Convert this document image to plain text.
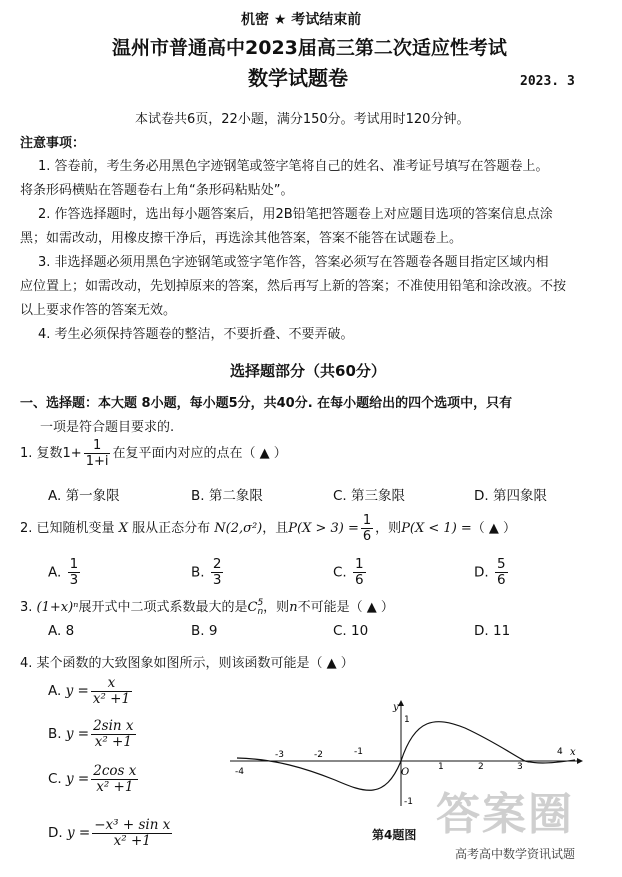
机密 ★ 考试结束前
温州市普通高中2023届高三第二次适应性考试
数学试题卷	2023. 3
本试卷共6页，22小题，满分150分。考试用时120分钟。
注意事项：
1. 答卷前，考生务必用黑色字迹钢笔或签字笔将自己的姓名、准考证号填写在答题卷上。
将条形码横贴在答题卷右上角“条形码粘贴处”。
2. 作答选择题时，选出每小题答案后，用2B铅笔把答题卷上对应题目选项的答案信息点涂
黑；如需改动，用橡皮擦干净后，再选涂其他答案，答案不能答在试题卷上。
3. 非选择题必须用黑色字迹钢笔或签字笔作答，答案必须写在答题卷各题目指定区域内相
应位置上；如需改动，先划掉原来的答案，然后再写上新的答案；不准使用铅笔和涂改液。不按
以上要求作答的答案无效。
4. 考生必须保持答题卷的整洁，不要折叠、不要弄破。
选择题部分（共60分）
一、选择题：本大题 8小题，每小题5分，共40分. 在每小题给出的四个选项中，只有
一项是符合题目要求的.
1. 复数$1+ \frac{1}{1+i}$ 在复平面内对应的点在（ ▲ ）
A. 第一象限	B. 第二象限	C. 第三象限	D. 第四象限
2. 已知随机变量 X 服从正态分布 N(2,σ²)，且$P(X > 3) = \frac{1}{6}$ ，则P(X < 1) =（ ▲ ）
A. $\frac{1}{3}$	B. $\frac{2}{3}$	C. $\frac{1}{6}$	D. $\frac{5}{6}$
3. (1+x)ⁿ展开式中二项式系数最大的是C 5
n ，则n不可能是（ ▲ ）
A. 8	B. 9	C. 10	D. 11
4. 某个函数的大致图象如图所示，则该函数可能是（ ▲ ）
A. $y = \frac{x}{\text{x² +1}}$
B. $y = \frac{\text{2sin x}}{\text{x² +1}}$
C. $y = \frac{\text{2cos x}}{\text{x² +1}}$
D. $y = \frac{\text{−x³ + sin x}}{\text{x² +1}}$
y
x
-4
-3	-2	-1
O	1	2	3
4
1
-1
第4题图 答案圈
高考高中数学资讯试题
